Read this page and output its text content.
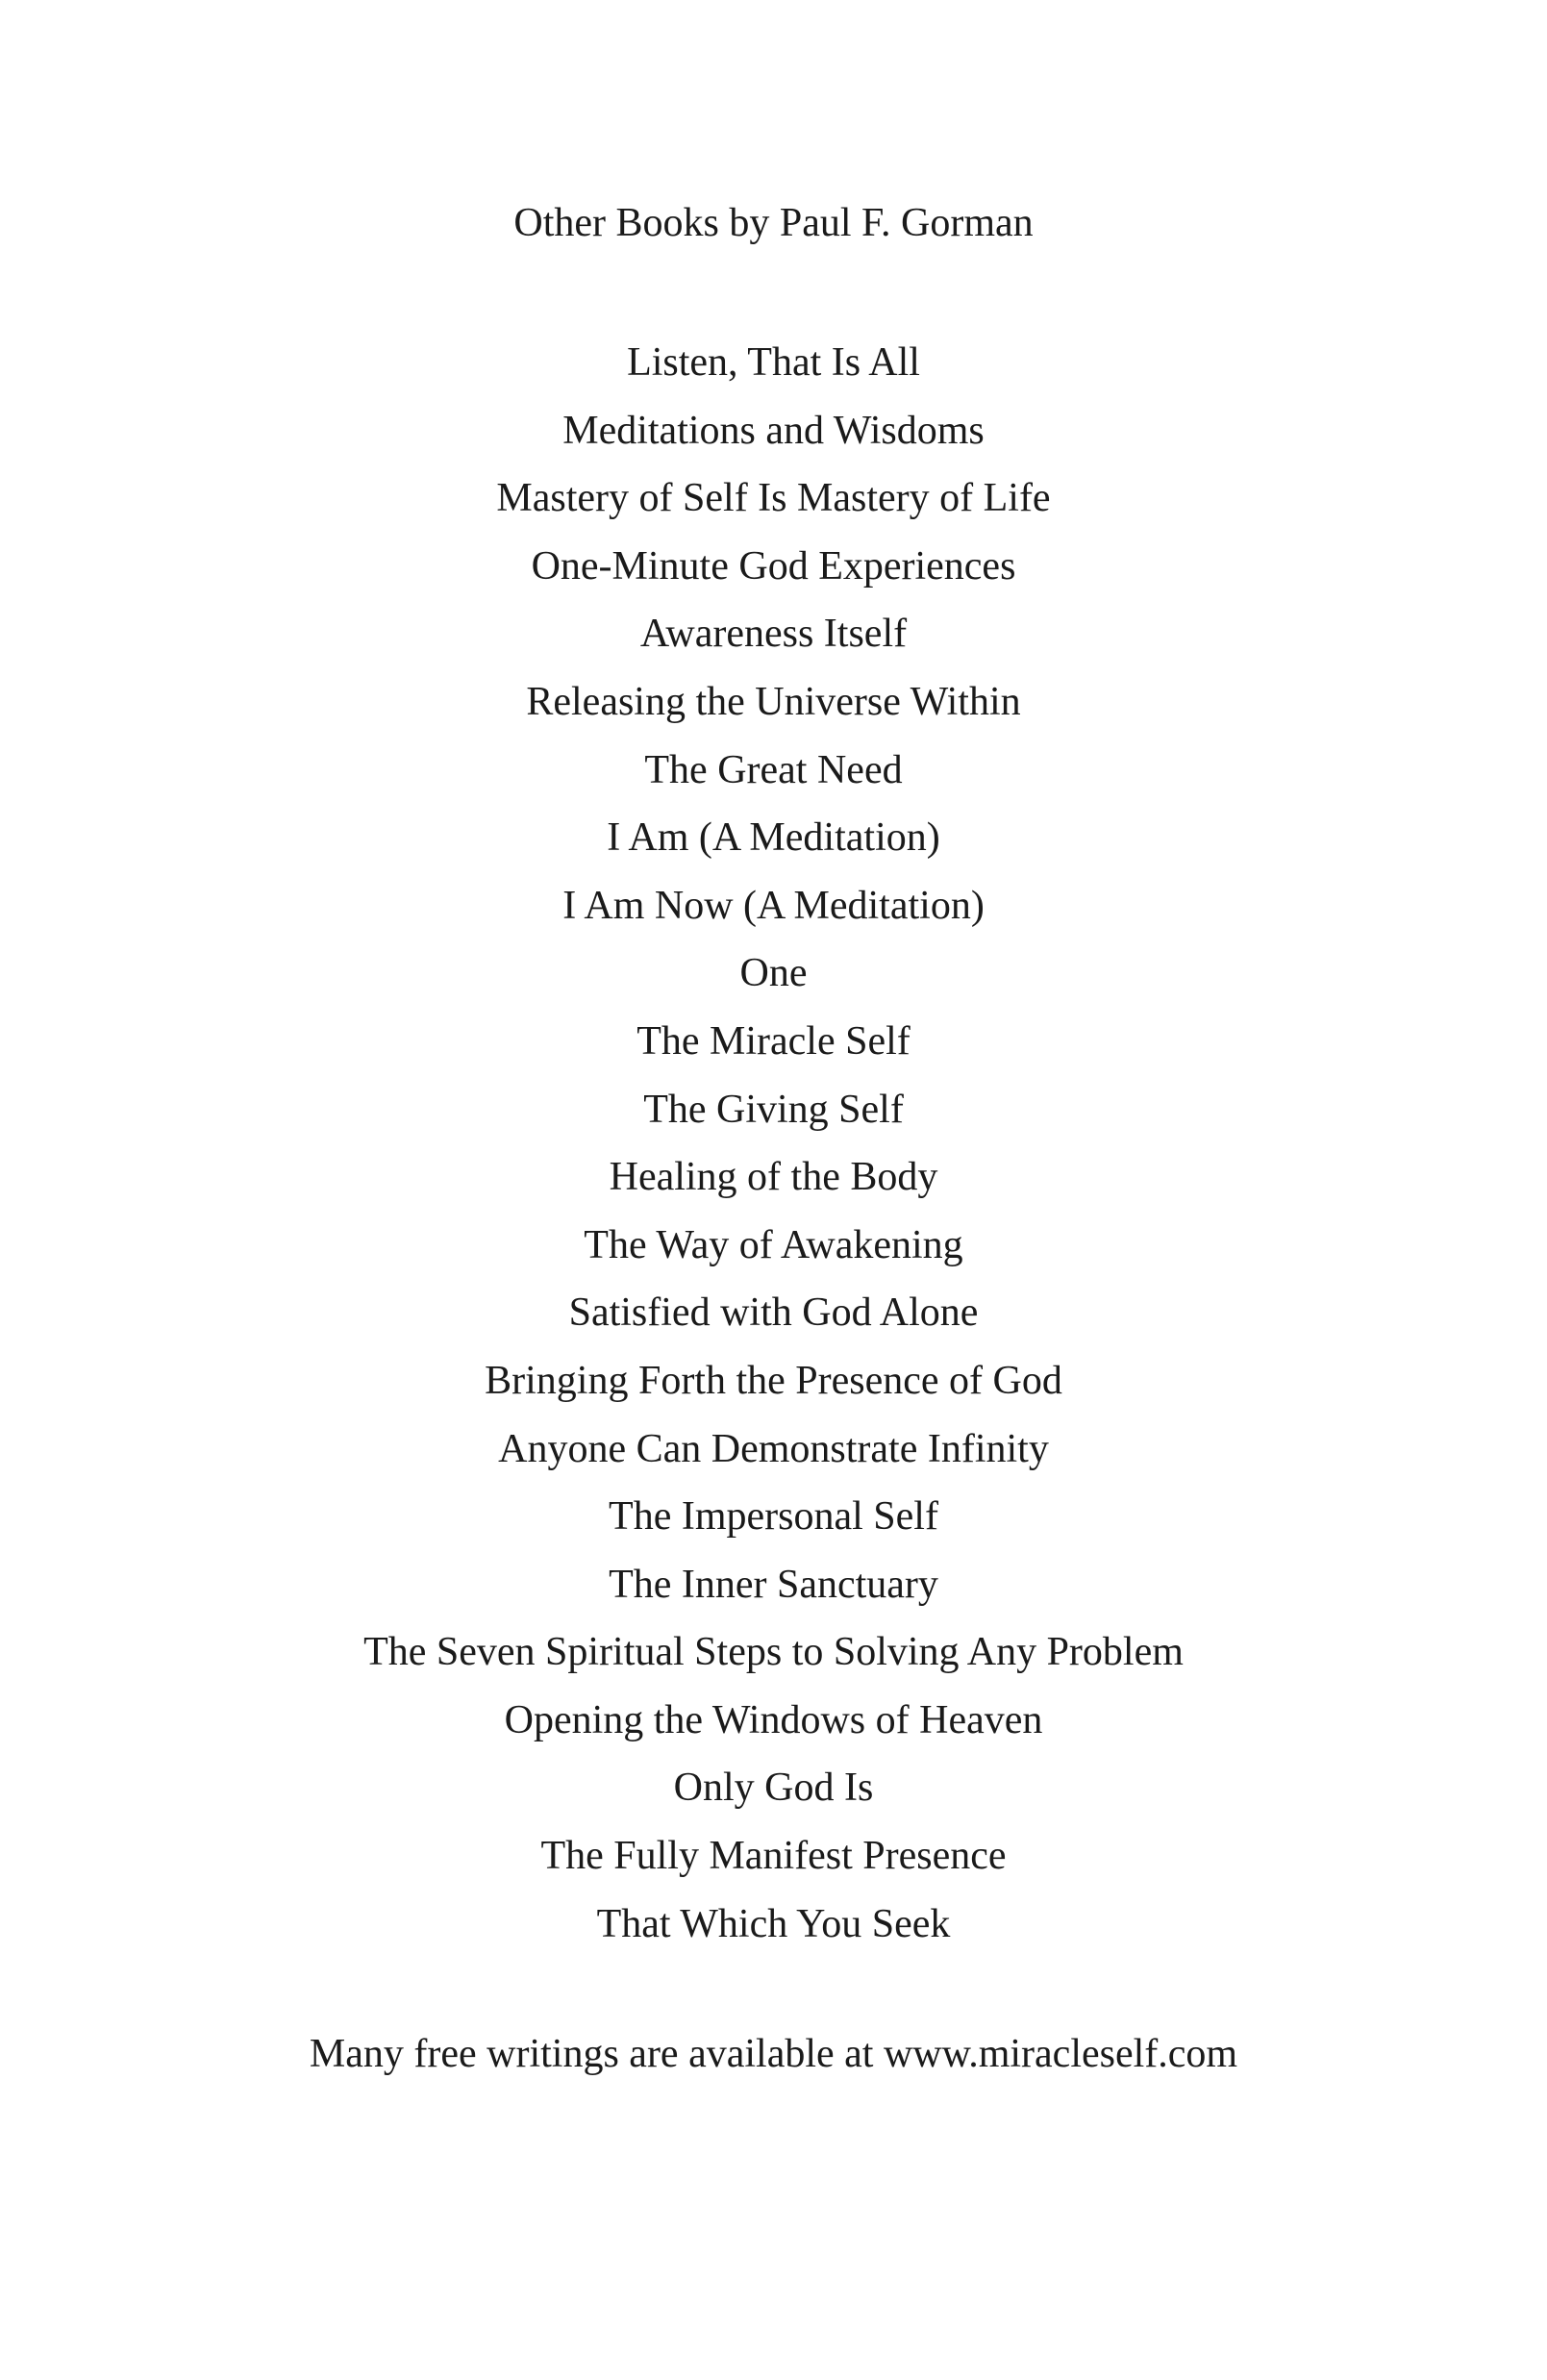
Other Books by Paul F. Gorman
Listen, That Is All
Meditations and Wisdoms
Mastery of Self Is Mastery of Life
One-Minute God Experiences
Awareness Itself
Releasing the Universe Within
The Great Need
I Am (A Meditation)
I Am Now (A Meditation)
One
The Miracle Self
The Giving Self
Healing of the Body
The Way of Awakening
Satisfied with God Alone
Bringing Forth the Presence of God
Anyone Can Demonstrate Infinity
The Impersonal Self
The Inner Sanctuary
The Seven Spiritual Steps to Solving Any Problem
Opening the Windows of Heaven
Only God Is
The Fully Manifest Presence
That Which You Seek

Many free writings are available at www.miracleself.com
